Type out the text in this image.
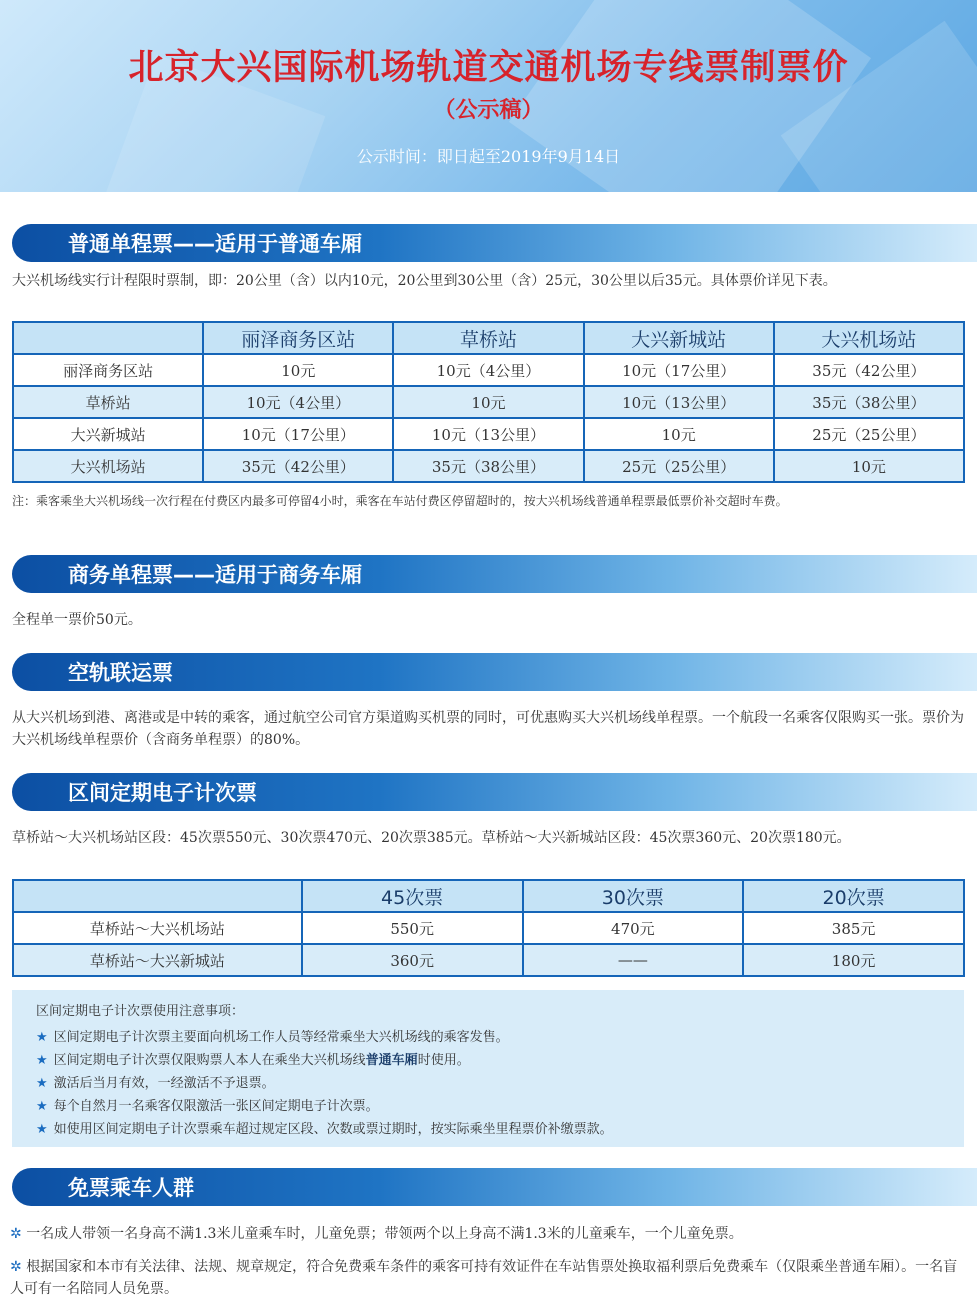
北京大兴国际机场轨道交通机场专线票制票价
（公示稿）
公示时间：即日起至2019年9月14日
普通单程票——适用于普通车厢
大兴机场线实行计程限时票制，即：20公里（含）以内10元，20公里到30公里（含）25元，30公里以后35元。具体票价详见下表。
	丽泽商务区站	草桥站	大兴新城站	大兴机场站
丽泽商务区站	10元	10元（4公里）	10元（17公里）	35元（42公里）
草桥站	10元（4公里）	10元	10元（13公里）	35元（38公里）
大兴新城站	10元（17公里）	10元（13公里）	10元	25元（25公里）
大兴机场站	35元（42公里）	35元（38公里）	25元（25公里）	10元
注：乘客乘坐大兴机场线一次行程在付费区内最多可停留4小时，乘客在车站付费区停留超时的，按大兴机场线普通单程票最低票价补交超时车费。
商务单程票——适用于商务车厢
全程单一票价50元。
空轨联运票
从大兴机场到港、离港或是中转的乘客，通过航空公司官方渠道购买机票的同时，可优惠购买大兴机场线单程票。一个航段一名乘客仅限购买一张。票价为大兴机场线单程票价（含商务单程票）的80%。
区间定期电子计次票
草桥站～大兴机场站区段：45次票550元、30次票470元、20次票385元。草桥站～大兴新城站区段：45次票360元、20次票180元。
	45次票	30次票	20次票
草桥站～大兴机场站	550元	470元	385元
草桥站～大兴新城站	360元	——	180元
区间定期电子计次票使用注意事项：
★ 区间定期电子计次票主要面向机场工作人员等经常乘坐大兴机场线的乘客发售。
★ 区间定期电子计次票仅限购票人本人在乘坐大兴机场线普通车厢时使用。
★ 激活后当月有效，一经激活不予退票。
★ 每个自然月一名乘客仅限激活一张区间定期电子计次票。
★ 如使用区间定期电子计次票乘车超过规定区段、次数或票过期时，按实际乘坐里程票价补缴票款。
免票乘车人群
✲ 一名成人带领一名身高不满1.3米儿童乘车时，儿童免票；带领两个以上身高不满1.3米的儿童乘车，一个儿童免票。
✲ 根据国家和本市有关法律、法规、规章规定，符合免费乘车条件的乘客可持有效证件在车站售票处换取福利票后免费乘车（仅限乘坐普通车厢）。一名盲人可有一名陪同人员免票。
